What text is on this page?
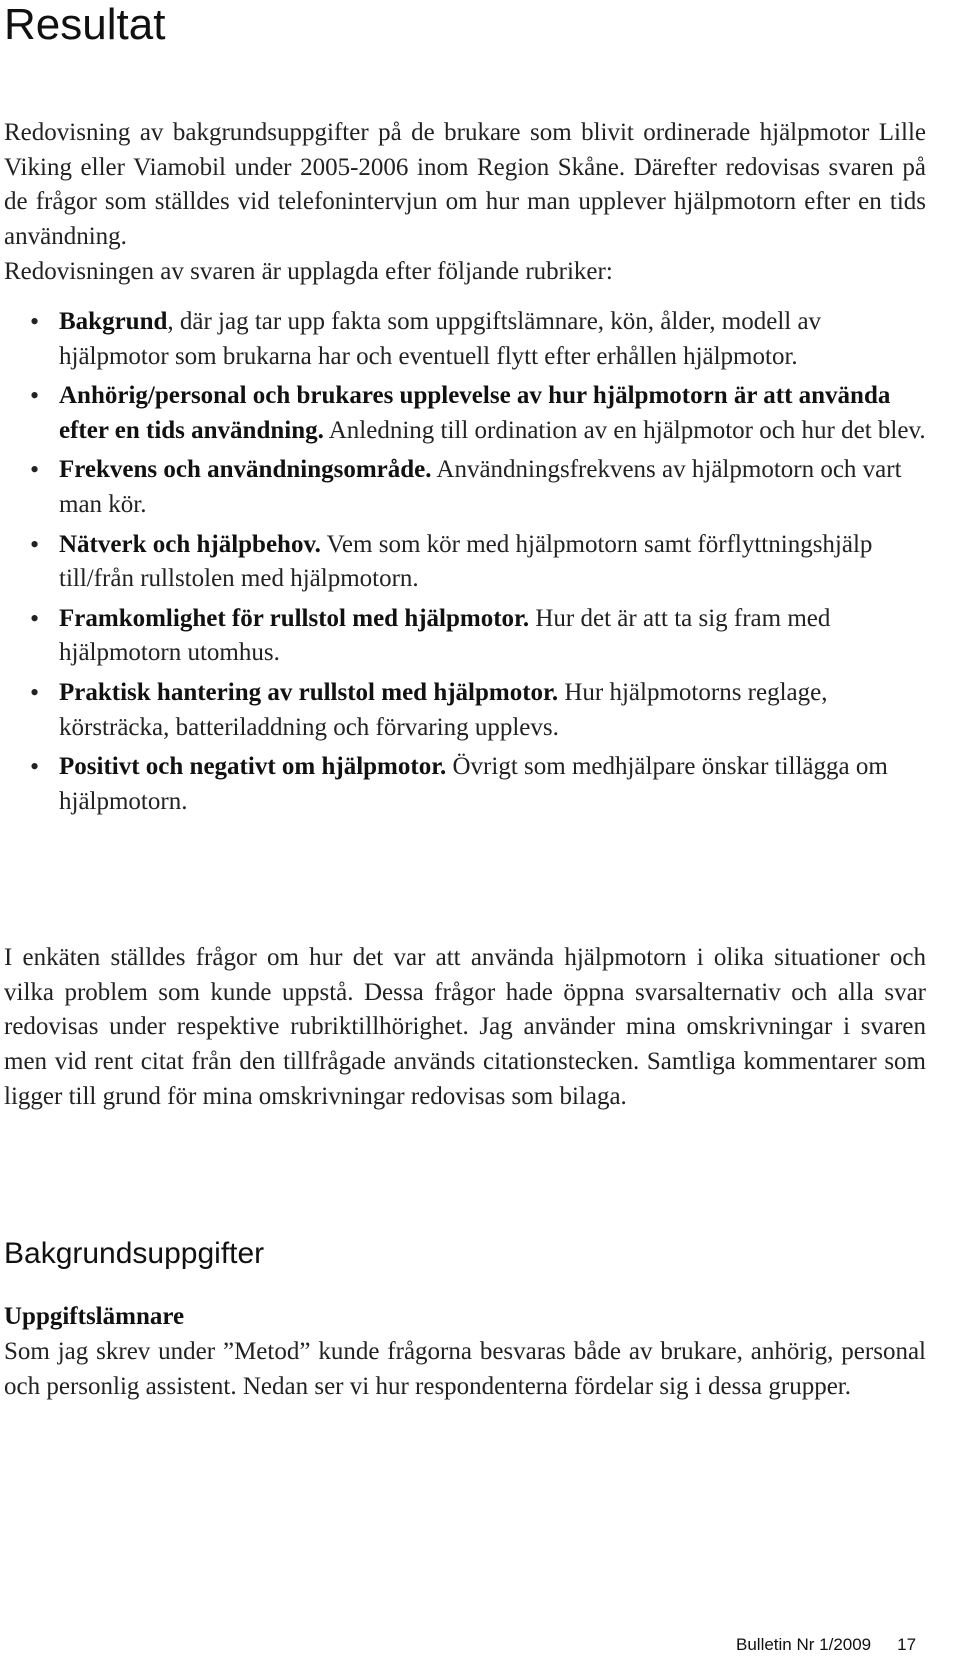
Resultat

Redovisning av bakgrundsuppgifter på de brukare som blivit ordinerade hjälpmotor Lille Viking eller Viamobil under 2005-2006 inom Region Skåne. Därefter redovisas svaren på de frågor som ställdes vid telefonintervjun om hur man upplever hjälpmotorn efter en tids användning.

Redovisningen av svaren är upplagda efter följande rubriker:

• Bakgrund, där jag tar upp fakta som uppgiftslämnare, kön, ålder, modell av hjälpmotor som brukarna har och eventuell flytt efter erhållen hjälpmotor.
• Anhörig/personal och brukares upplevelse av hur hjälpmotorn är att använda efter en tids användning. Anledning till ordination av en hjälpmotor och hur det blev.
• Frekvens och användningsområde. Användningsfrekvens av hjälpmotorn och vart man kör.
• Nätverk och hjälpbehov. Vem som kör med hjälpmotorn samt förflyttningshjälp till/från rullstolen med hjälpmotorn.
• Framkomlighet för rullstol med hjälpmotor. Hur det är att ta sig fram med hjälpmotorn utomhus.
• Praktisk hantering av rullstol med hjälpmotor. Hur hjälpmotorns reglage, körsträcka, batteriladdning och förvaring upplevs.
• Positivt och negativt om hjälpmotor. Övrigt som medhjälpare önskar tillägga om hjälpmotorn.

I enkäten ställdes frågor om hur det var att använda hjälpmotorn i olika situationer och vilka problem som kunde uppstå. Dessa frågor hade öppna svarsalternativ och alla svar redovisas under respektive rubriktillhörighet. Jag använder mina omskrivningar i svaren men vid rent citat från den tillfrågade används citationstecken. Samtliga kommentarer som ligger till grund för mina omskrivningar redovisas som bilaga.

Bakgrundsuppgifter
Uppgiftslämnare

Som jag skrev under ”Metod” kunde frågorna besvaras både av brukare, anhörig, personal och personlig assistent. Nedan ser vi hur respondenterna fördelar sig i dessa grupper.

Bulletin Nr 1/2009 17
